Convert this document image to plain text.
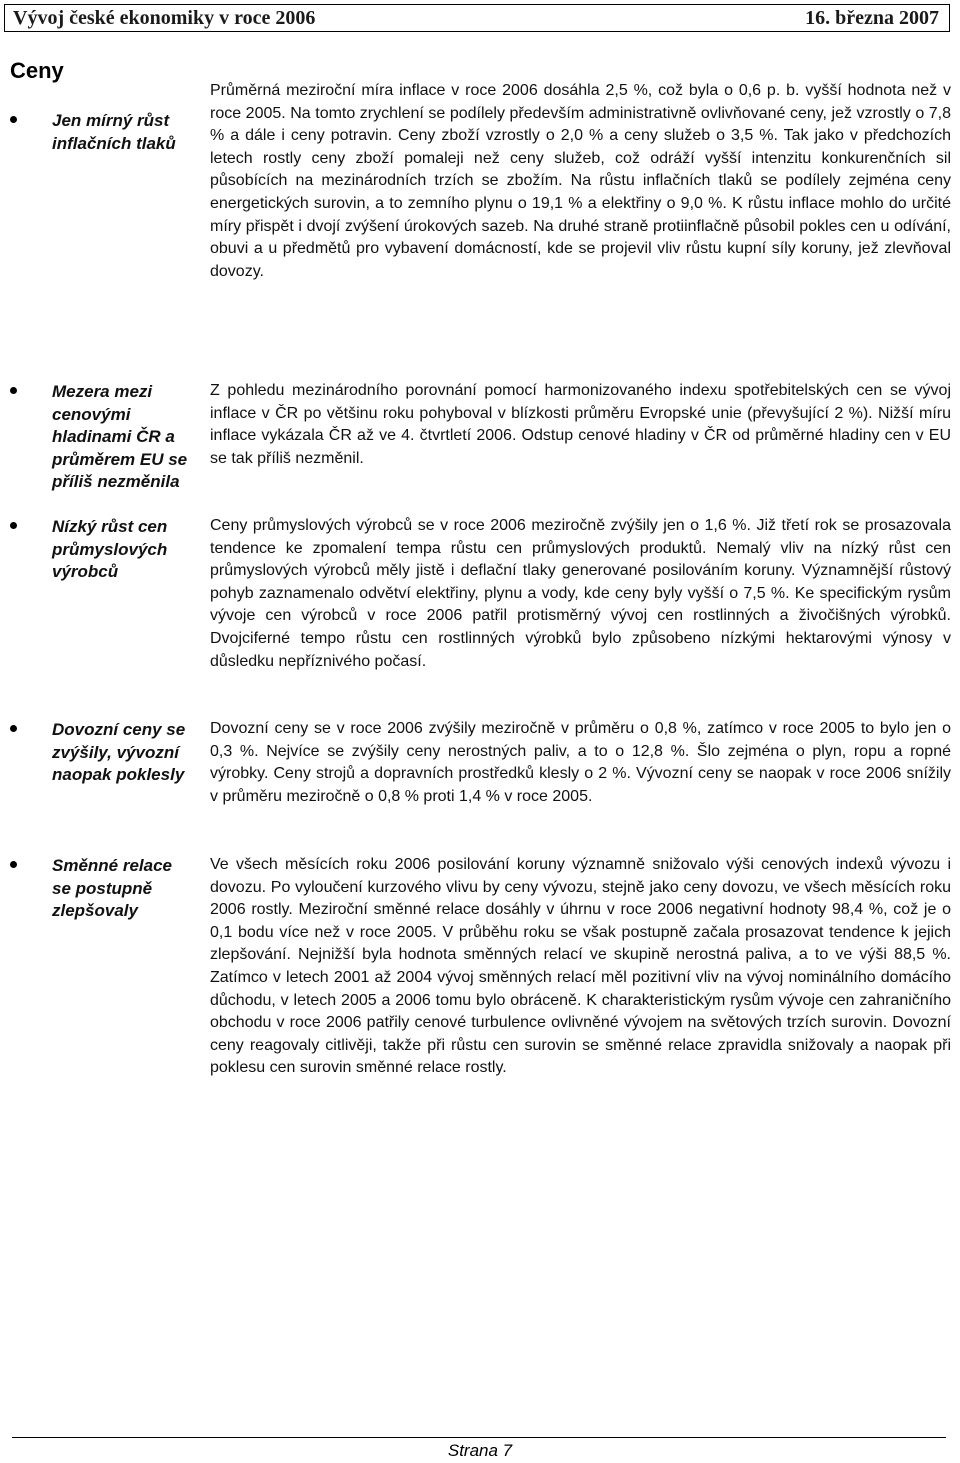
Vývoj české ekonomiky v roce 2006	16. března 2007
Ceny
Jen mírný růst inflačních tlaků

Průměrná meziroční míra inflace v roce 2006 dosáhla 2,5 %, což byla o 0,6 p. b. vyšší hodnota než v roce 2005. Na tomto zrychlení se podílely především administrativně ovlivňované ceny, jež vzrostly o 7,8 % a dále i ceny potravin. Ceny zboží vzrostly o 2,0 % a ceny služeb o 3,5 %. Tak jako v předchozích letech rostly ceny zboží pomaleji než ceny služeb, což odráží vyšší intenzitu konkurenčních sil působících na mezinárodních trzích se zbožím. Na růstu inflačních tlaků se podílely zejména ceny energetických surovin, a to zemního plynu o 19,1 % a elektřiny o 9,0 %. K růstu inflace mohlo do určité míry přispět i dvojí zvýšení úrokových sazeb. Na druhé straně protiinflačně působil pokles cen u odívání, obuvi a u předmětů pro vybavení domácností, kde se projevil vliv růstu kupní síly koruny, jež zlevňoval dovozy.

Mezera mezi cenovými hladinami ČR a průměrem EU se příliš nezměnila

Z pohledu mezinárodního porovnání pomocí harmonizovaného indexu spotřebitelských cen se vývoj inflace v ČR po většinu roku pohyboval v blízkosti průměru Evropské unie (převyšující 2 %). Nižší míru inflace vykázala ČR až ve 4. čtvrtletí 2006. Odstup cenové hladiny v ČR od průměrné hladiny cen v EU se tak příliš nezměnil.

Nízký růst cen průmyslových výrobců

Ceny průmyslových výrobců se v roce 2006 meziročně zvýšily jen o 1,6 %. Již třetí rok se prosazovala tendence ke zpomalení tempa růstu cen průmyslových produktů. Nemalý vliv na nízký růst cen průmyslových výrobců měly jistě i deflační tlaky generované posilováním koruny. Významnější růstový pohyb zaznamenalo odvětví elektřiny, plynu a vody, kde ceny byly vyšší o 7,5 %. Ke specifickým rysům vývoje cen výrobců v roce 2006 patřil protisměrný vývoj cen rostlinných a živočišných výrobků. Dvojciferné tempo růstu cen rostlinných výrobků bylo způsobeno nízkými hektarovými výnosy v důsledku nepříznivého počasí.

Dovozní ceny se zvýšily, vývozní naopak poklesly

Dovozní ceny se v roce 2006 zvýšily meziročně v průměru o 0,8 %, zatímco v roce 2005 to bylo jen o 0,3 %. Nejvíce se zvýšily ceny nerostných paliv, a to o 12,8 %. Šlo zejména o plyn, ropu a ropné výrobky. Ceny strojů a dopravních prostředků klesly o 2 %. Vývozní ceny se naopak v roce 2006 snížily v průměru meziročně o 0,8 % proti 1,4 % v roce 2005.

Směnné relace se postupně zlepšovaly

Ve všech měsících roku 2006 posilování koruny významně snižovalo výši cenových indexů vývozu i dovozu. Po vyloučení kurzového vlivu by ceny vývozu, stejně jako ceny dovozu, ve všech měsících roku 2006 rostly. Meziroční směnné relace dosáhly v úhrnu v roce 2006 negativní hodnoty 98,4 %, což je o 0,1 bodu více než v roce 2005. V průběhu roku se však postupně začala prosazovat tendence k jejich zlepšování. Nejnižší byla hodnota směnných relací ve skupině nerostná paliva, a to ve výši 88,5 %. Zatímco v letech 2001 až 2004 vývoj směnných relací měl pozitivní vliv na vývoj nominálního domácího důchodu, v letech 2005 a 2006 tomu bylo obráceně. K charakteristickým rysům vývoje cen zahraničního obchodu v roce 2006 patřily cenové turbulence ovlivněné vývojem na světových trzích surovin. Dovozní ceny reagovaly citlivěji, takže při růstu cen surovin se směnné relace zpravidla snižovaly a naopak při poklesu cen surovin směnné relace rostly.

Strana 7
